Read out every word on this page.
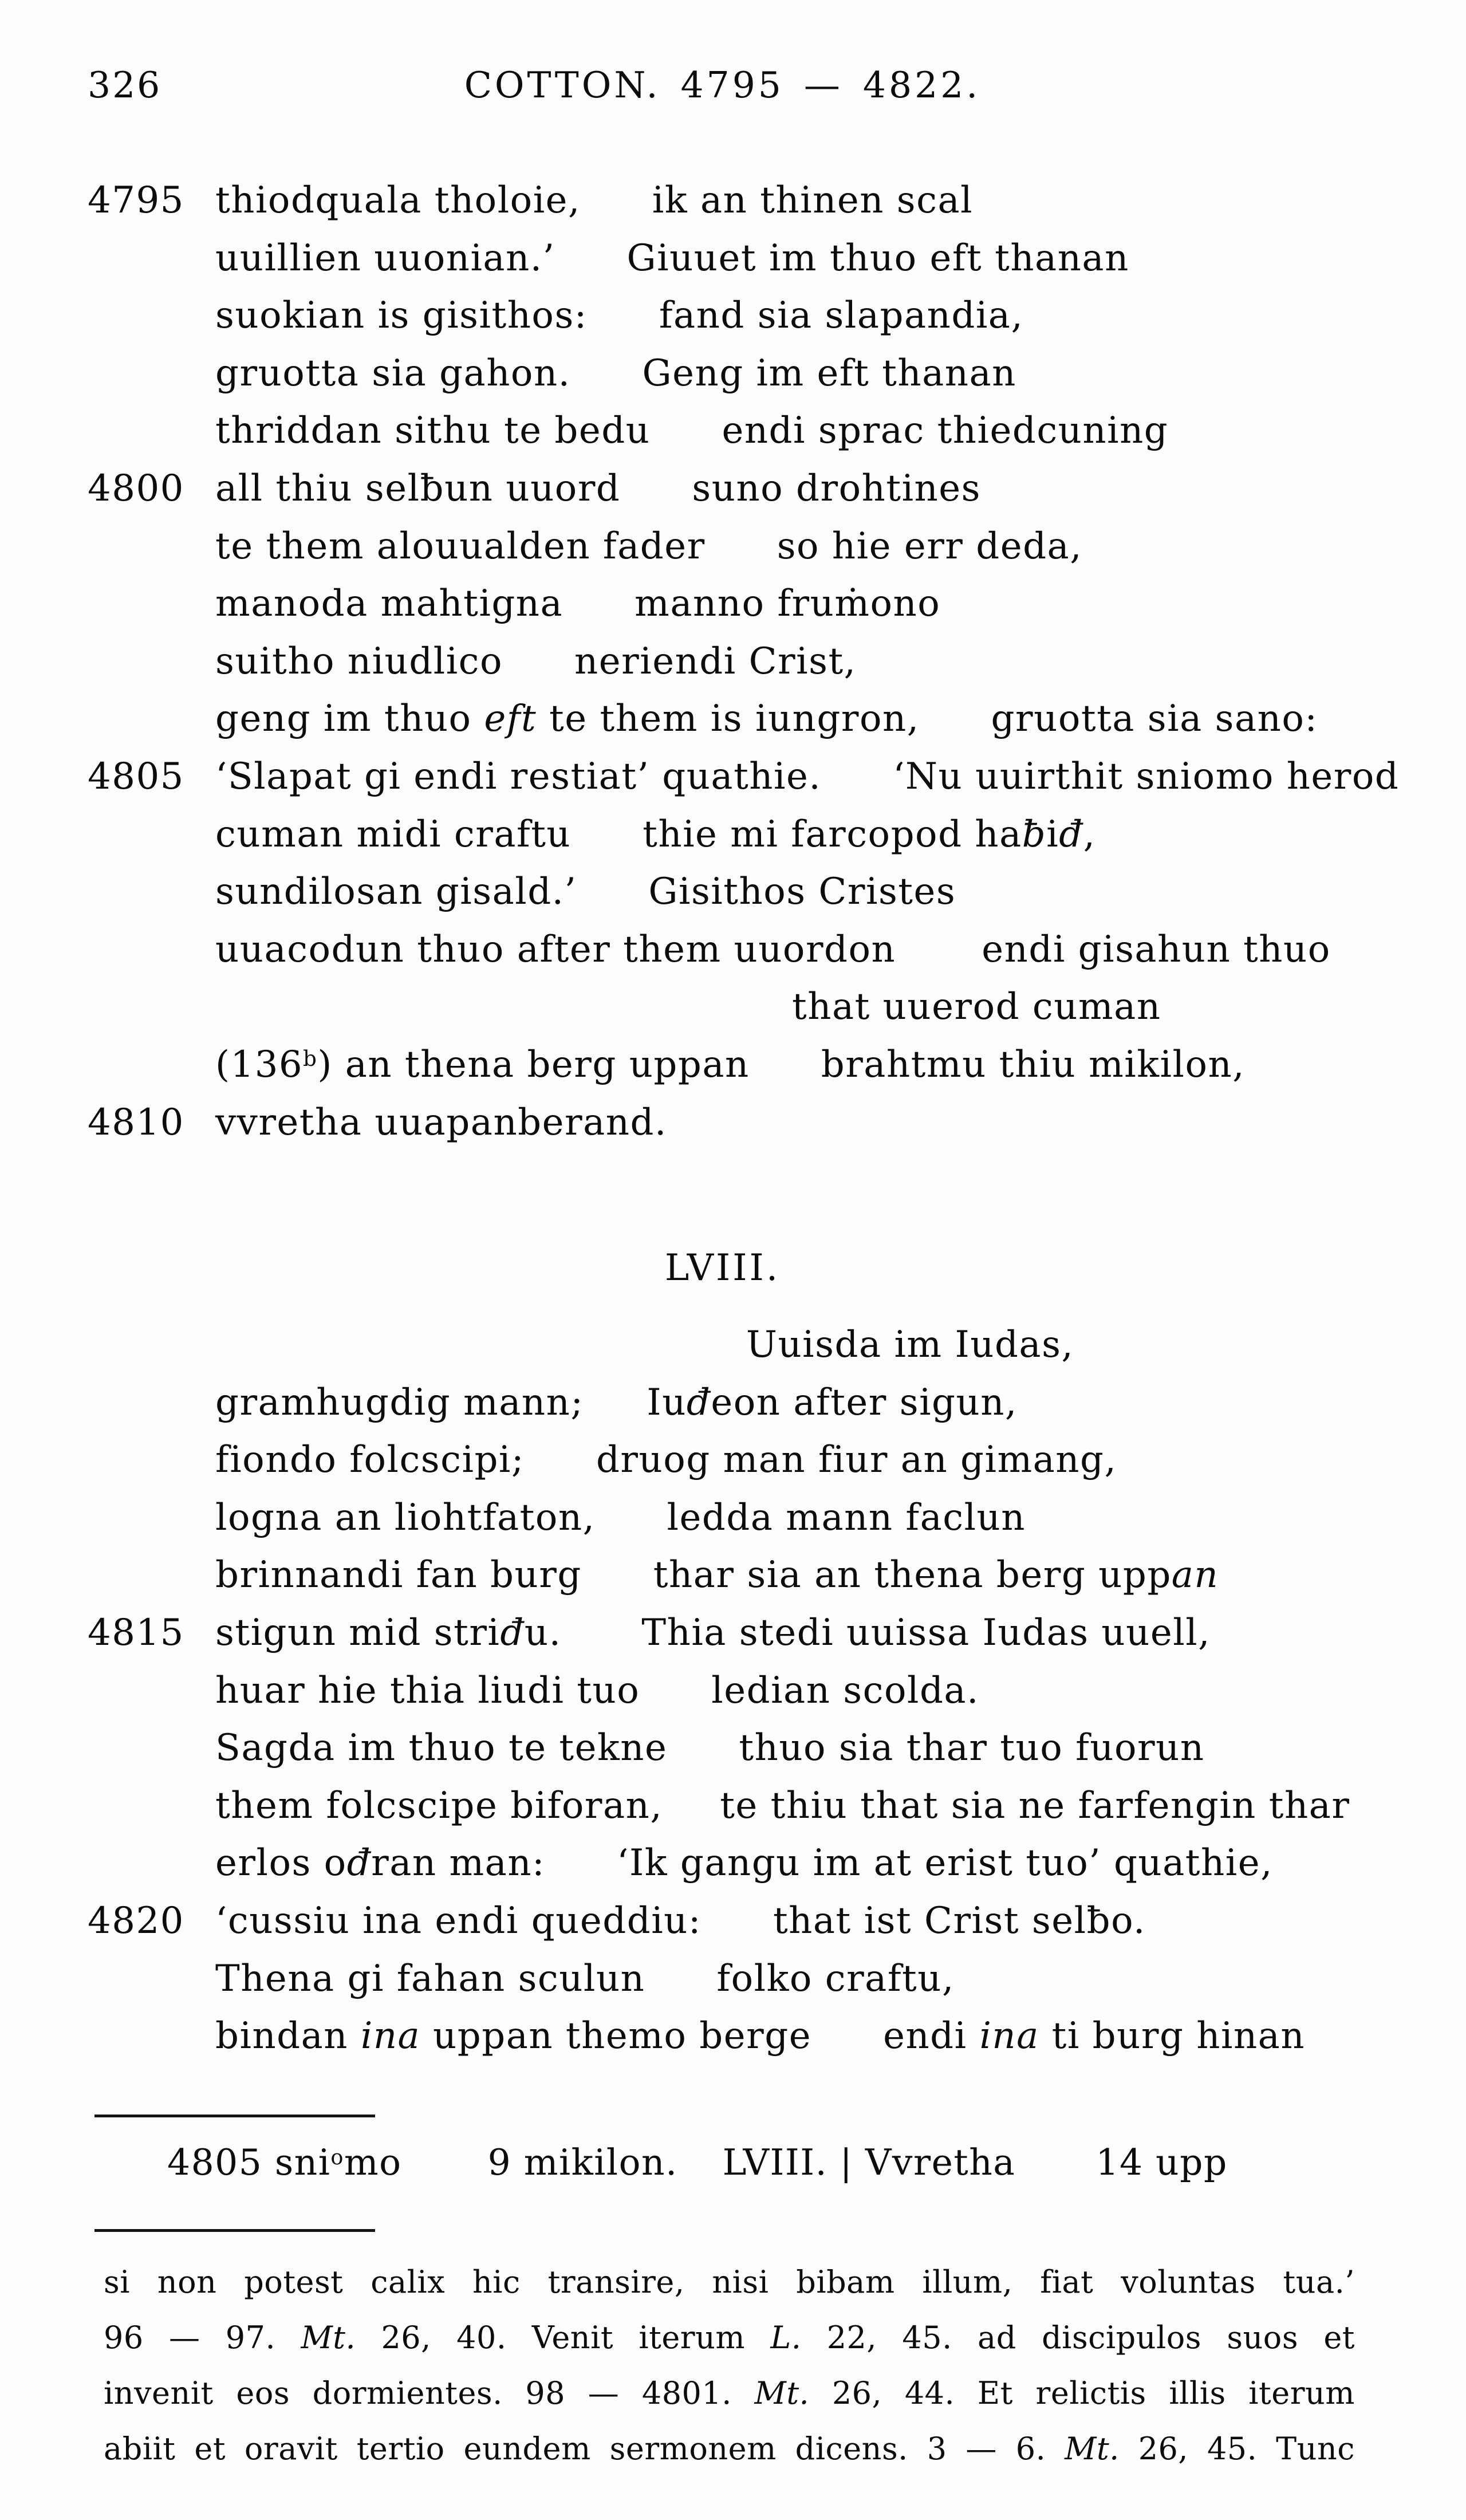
326	COTTON. 4795 — 4822.
4795 thiodquala tholoie, ik an thinen scal
uuillien uuonian.’ Giuuet im thuo eft thanan
suokian is gisithos: fand sia slapandia,
gruotta sia gahon. Geng im eft thanan
thriddan sithu te bedu endi sprac thiedcuning
4800 all thiu selƀun uuord suno drohtines
te them alouualden fader so hie err deda,
manoda mahtigna manno fruṁono
suitho niudlico neriendi Crist,
geng im thuo eft te them is iungron, gruotta sia sano:
4805 ‘Slapat gi endi restiat’ quathie. ‘Nu uuirthit sniomo herod
cuman midi craftu thie mi farcopod haƀiđ,
sundilosan gisald.’ Gisithos Cristes
uuacodun thuo after them uuordon endi gisahun thuo
that uuerod cuman
(136$^b$) an thena berg uppan brahtmu thiu mikilon,
4810 vvretha uuapanberand.
LVIII.
Uuisda im Iudas,
gramhugdig mann; Iuđeon after sigun,
fiondo folcscipi; druog man fiur an gimang,
logna an liohtfaton, ledda mann faclun
brinnandi fan burg thar sia an thena berg uppan
4815 stigun mid striđu. Thia stedi uuissa Iudas uuell,
huar hie thia liudi tuo ledian scolda.
Sagda im thuo te tekne thuo sia thar tuo fuorun
them folcscipe biforan, te thiu that sia ne farfengin thar
erlos ođran man: ‘Ik gangu im at erist tuo’ quathie,
4820 ‘cussiu ina endi queddiu: that ist Crist selƀo.
Thena gi fahan sculun folko craftu,
bindan ina uppan themo berge endi ina ti burg hinan
4805 sni$^o$mo 9 mikilon. LVIII. | Vvretha 14 upp
si non potest calix hic transire, nisi bibam illum, fiat voluntas tua.’
96 — 97. Mt. 26, 40. Venit iterum L. 22, 45. ad discipulos suos et
invenit eos dormientes. 98 — 4801. Mt. 26, 44. Et relictis illis iterum
abiit et oravit tertio eundem sermonem dicens. 3 — 6. Mt. 26, 45. Tunc
